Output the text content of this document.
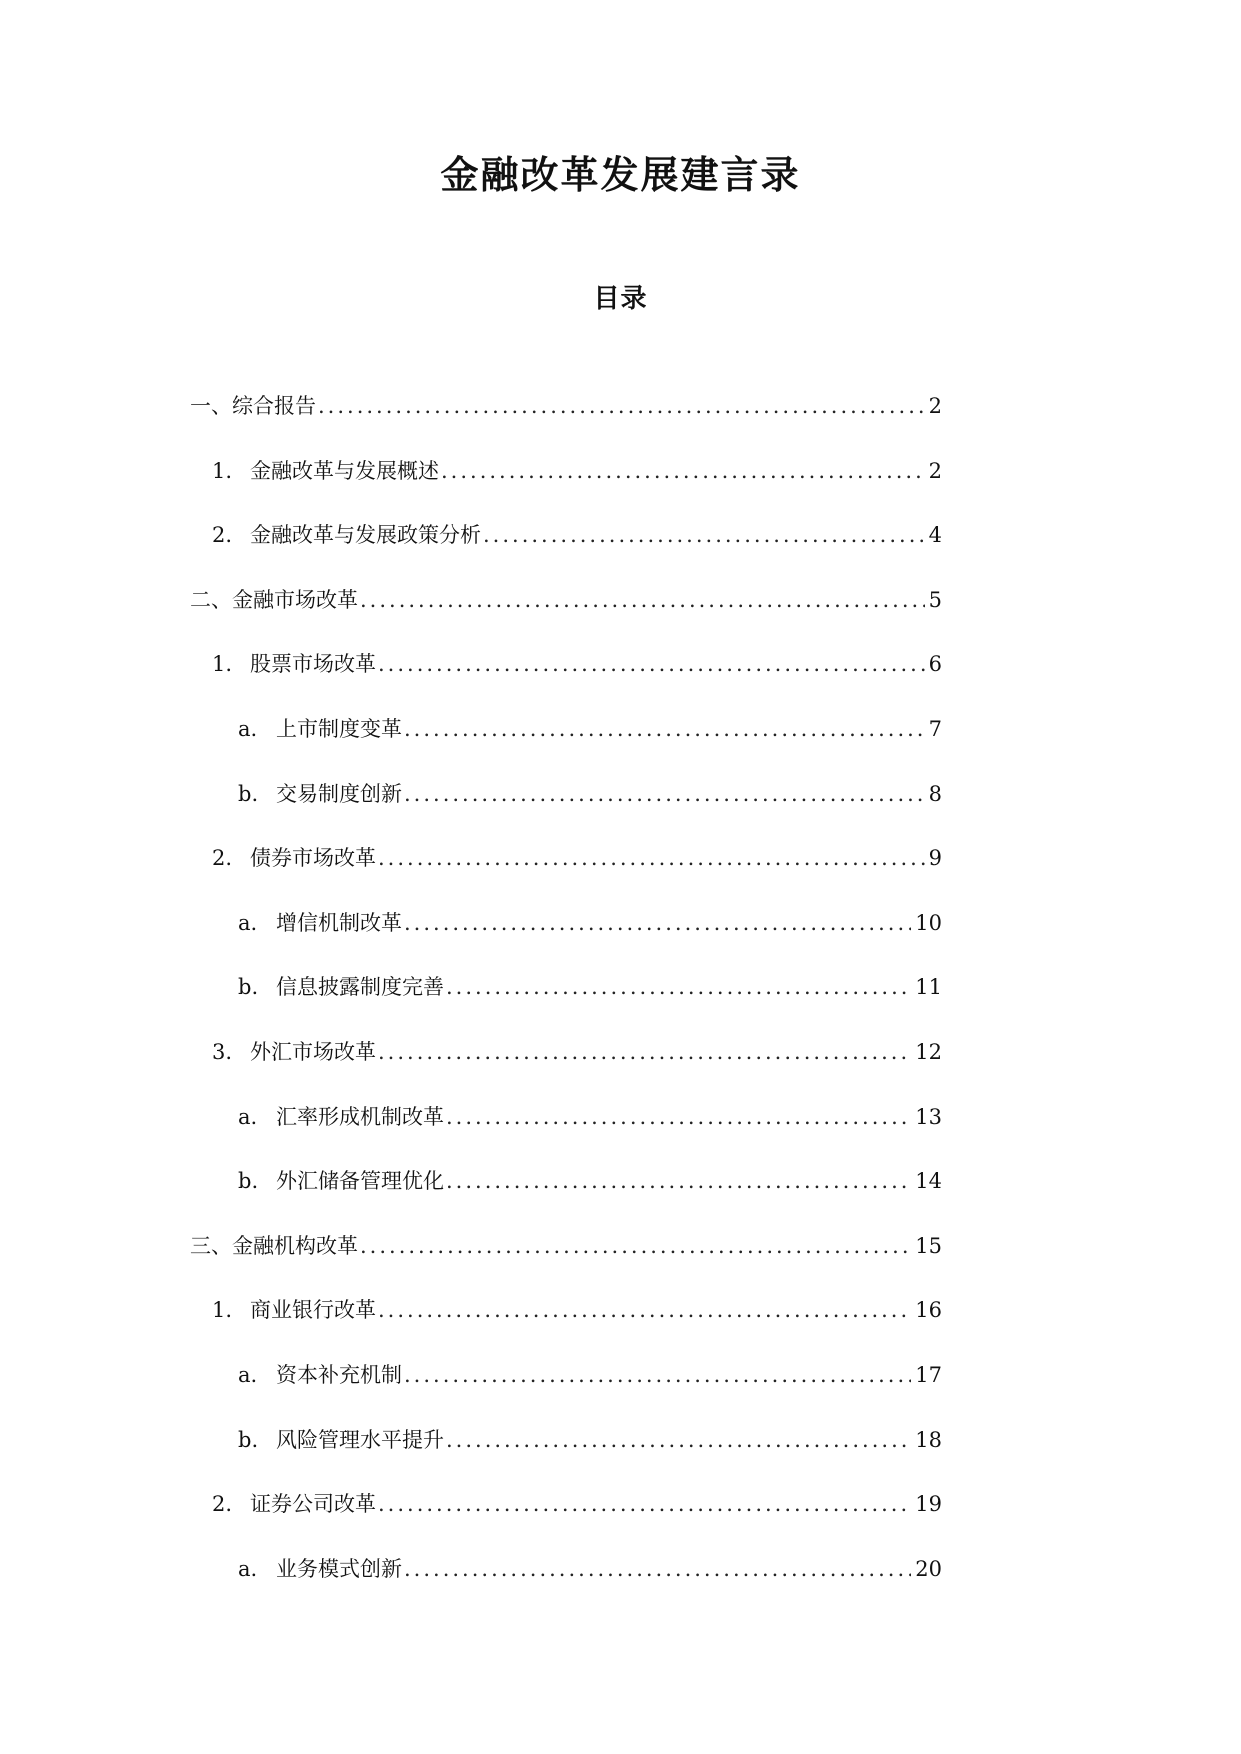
金融改革发展建言录
目录
一、 综合报告 .....	2
1. 金融改革与发展概述 .....	2
2. 金融改革与发展政策分析 .....	4
二、 金融市场改革 .....	5
1. 股票市场改革 .....	6
a. 上市制度变革 .....	7
b. 交易制度创新 .....	8
2. 债券市场改革 .....	9
a. 增信机制改革 .....	10
b. 信息披露制度完善 .....	11
3. 外汇市场改革 .....	12
a. 汇率形成机制改革 .....	13
b. 外汇储备管理优化 .....	14
三、 金融机构改革 .....	15
1. 商业银行改革 .....	16
a. 资本补充机制 .....	17
b. 风险管理水平提升 .....	18
2. 证券公司改革 .....	19
a. 业务模式创新 .....	20
